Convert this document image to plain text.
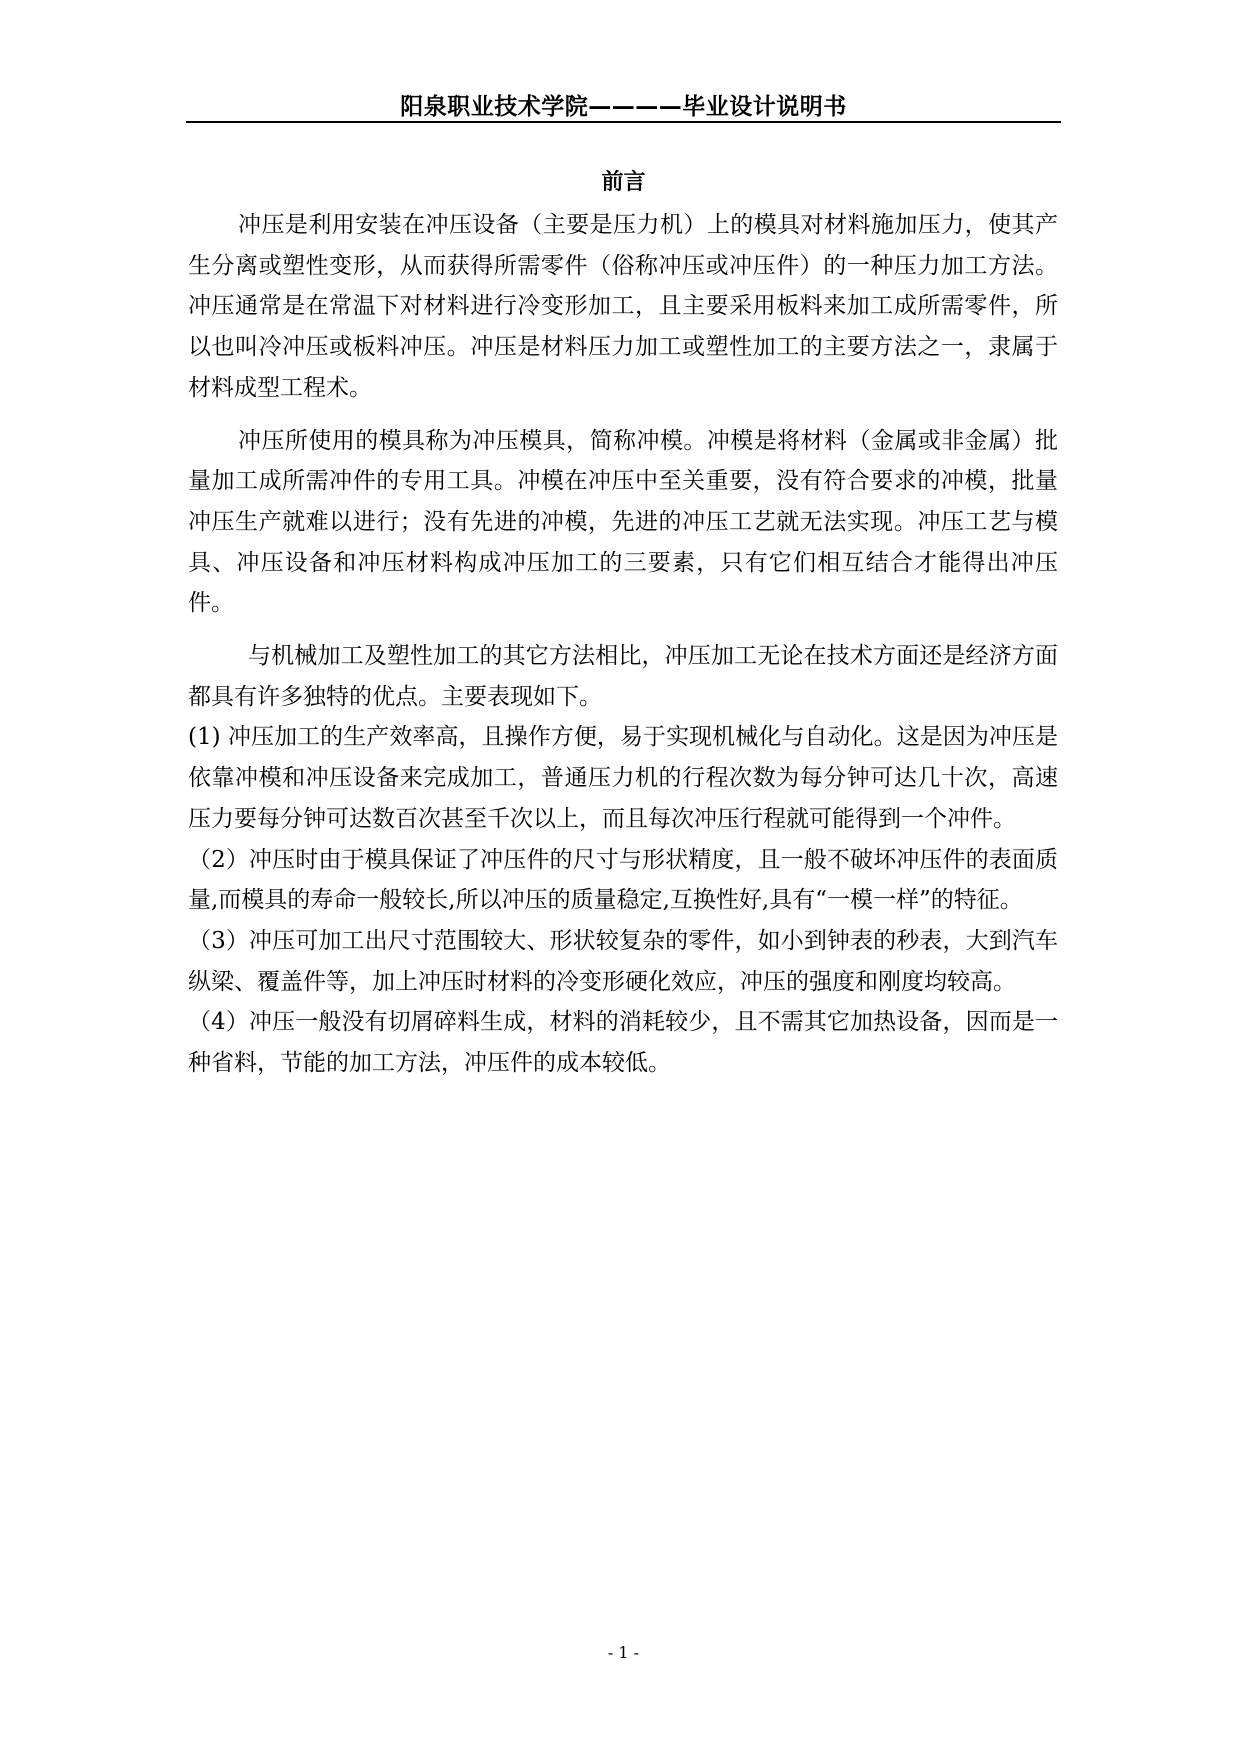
阳泉职业技术学院————毕业设计说明书
前言

冲压是利用安装在冲压设备（主要是压力机）上的模具对材料施加压力，使其产生分离或塑性变形，从而获得所需零件（俗称冲压或冲压件）的一种压力加工方法。冲压通常是在常温下对材料进行冷变形加工，且主要采用板料来加工成所需零件，所以也叫冷冲压或板料冲压。冲压是材料压力加工或塑性加工的主要方法之一，隶属于材料成型工程术。

冲压所使用的模具称为冲压模具，简称冲模。冲模是将材料（金属或非金属）批量加工成所需冲件的专用工具。冲模在冲压中至关重要，没有符合要求的冲模，批量冲压生产就难以进行；没有先进的冲模，先进的冲压工艺就无法实现。冲压工艺与模具、冲压设备和冲压材料构成冲压加工的三要素，只有它们相互结合才能得出冲压件。

与机械加工及塑性加工的其它方法相比，冲压加工无论在技术方面还是经济方面都具有许多独特的优点。主要表现如下。

(1) 冲压加工的生产效率高，且操作方便，易于实现机械化与自动化。这是因为冲压是依靠冲模和冲压设备来完成加工，普通压力机的行程次数为每分钟可达几十次，高速压力要每分钟可达数百次甚至千次以上，而且每次冲压行程就可能得到一个冲件。

（2）冲压时由于模具保证了冲压件的尺寸与形状精度，且一般不破坏冲压件的表面质量,而模具的寿命一般较长,所以冲压的质量稳定,互换性好,具有“一模一样”的特征。

（3）冲压可加工出尺寸范围较大、形状较复杂的零件，如小到钟表的秒表，大到汽车纵梁、覆盖件等，加上冲压时材料的冷变形硬化效应，冲压的强度和刚度均较高。

（4）冲压一般没有切屑碎料生成，材料的消耗较少，且不需其它加热设备，因而是一种省料，节能的加工方法，冲压件的成本较低。

- 1 -
